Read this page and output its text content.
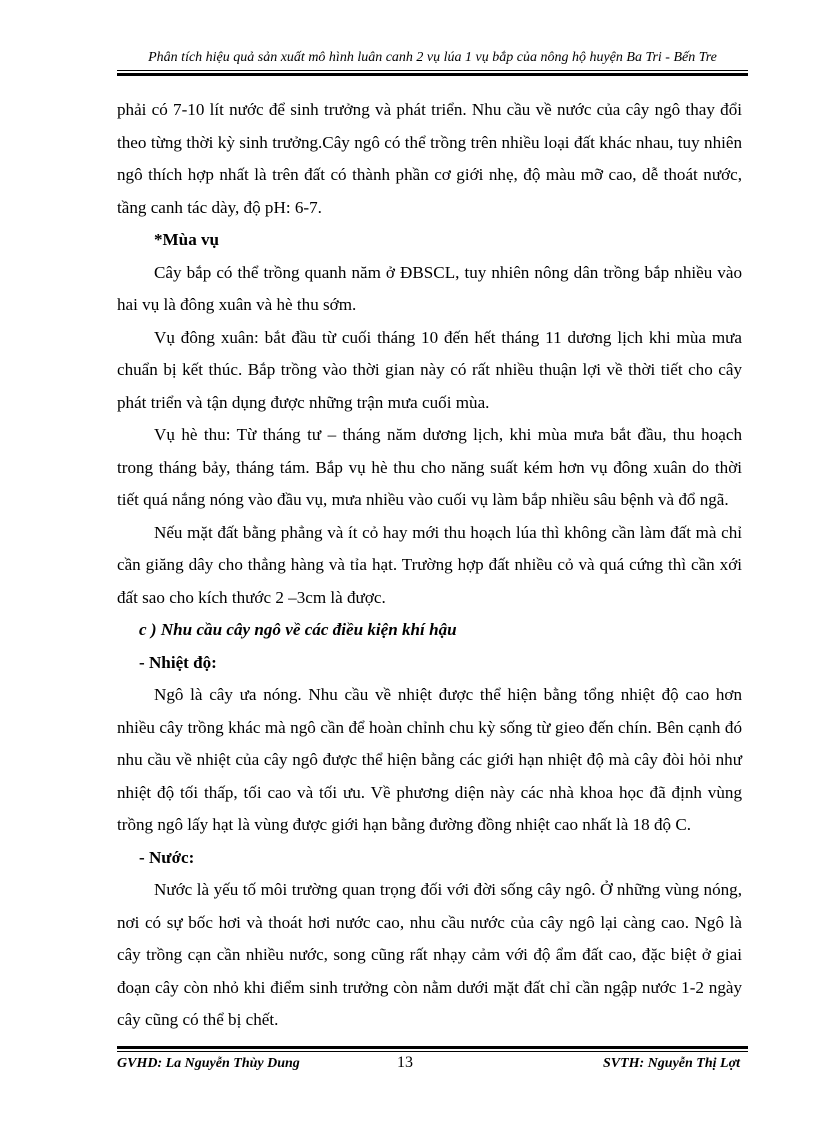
Phân tích hiệu quả sản xuất mô hình luân canh 2 vụ lúa 1 vụ bắp của nông hộ huyện Ba Tri - Bến Tre

phải có 7-10 lít nước để sinh trưởng và phát triển. Nhu cầu về nước của cây ngô thay đổi theo từng thời kỳ sinh trưởng.Cây ngô có thể trồng trên nhiều loại đất khác nhau, tuy nhiên ngô thích hợp nhất là trên đất có thành phần cơ giới nhẹ, độ màu mỡ cao, dễ thoát nước, tầng canh tác dày, độ pH: 6-7.

*Mùa vụ

Cây bắp có thể trồng quanh năm ở ĐBSCL, tuy nhiên nông dân trồng bắp nhiều vào hai vụ là đông xuân và hè thu sớm.

Vụ đông xuân: bắt đầu từ cuối tháng 10 đến hết tháng 11 dương lịch khi mùa mưa chuẩn bị kết thúc. Bắp trồng vào thời gian này có rất nhiều thuận lợi về thời tiết cho cây phát triển và tận dụng được những trận mưa cuối mùa.

Vụ hè thu: Từ tháng tư – tháng năm dương lịch, khi mùa mưa bắt đầu, thu hoạch trong tháng bảy, tháng tám. Bắp vụ hè thu cho năng suất kém hơn vụ đông xuân do thời tiết quá nắng nóng vào đầu vụ, mưa nhiều vào cuối vụ làm bắp nhiều sâu bệnh và đổ ngã.

Nếu mặt đất bằng phẳng và ít cỏ hay mới thu hoạch lúa thì không cần làm đất mà chỉ cần giăng dây cho thẳng hàng và tỉa hạt. Trường hợp đất nhiều cỏ và quá cứng thì cần xới đất sao cho kích thước 2 –3cm là được.

c ) Nhu cầu cây ngô về các điều kiện khí hậu

- Nhiệt độ:

Ngô là cây ưa nóng. Nhu cầu về nhiệt được thể hiện bằng tổng nhiệt độ cao hơn nhiều cây trồng khác mà ngô cần để hoàn chỉnh chu kỳ sống từ gieo đến chín. Bên cạnh đó nhu cầu về nhiệt của cây ngô được thể hiện bằng các giới hạn nhiệt độ mà cây đòi hỏi như nhiệt độ tối thấp, tối cao và tối ưu. Về phương diện này các nhà khoa học đã định vùng trồng ngô lấy hạt là vùng được giới hạn bằng đường đồng nhiệt cao nhất là 18 độ C.

- Nước:

Nước là yếu tố môi trường quan trọng đối với đời sống cây ngô. Ở những vùng nóng, nơi có sự bốc hơi và thoát hơi nước cao, nhu cầu nước của cây ngô lại càng cao. Ngô là cây trồng cạn cần nhiều nước, song cũng rất nhạy cảm với độ ẩm đất cao, đặc biệt ở giai đoạn cây còn nhỏ khi điểm sinh trưởng còn nằm dưới mặt đất chỉ cần ngập nước 1-2 ngày cây cũng có thể bị chết.

GVHD: La Nguyễn Thùy Dung	13	SVTH: Nguyễn Thị Lợt
